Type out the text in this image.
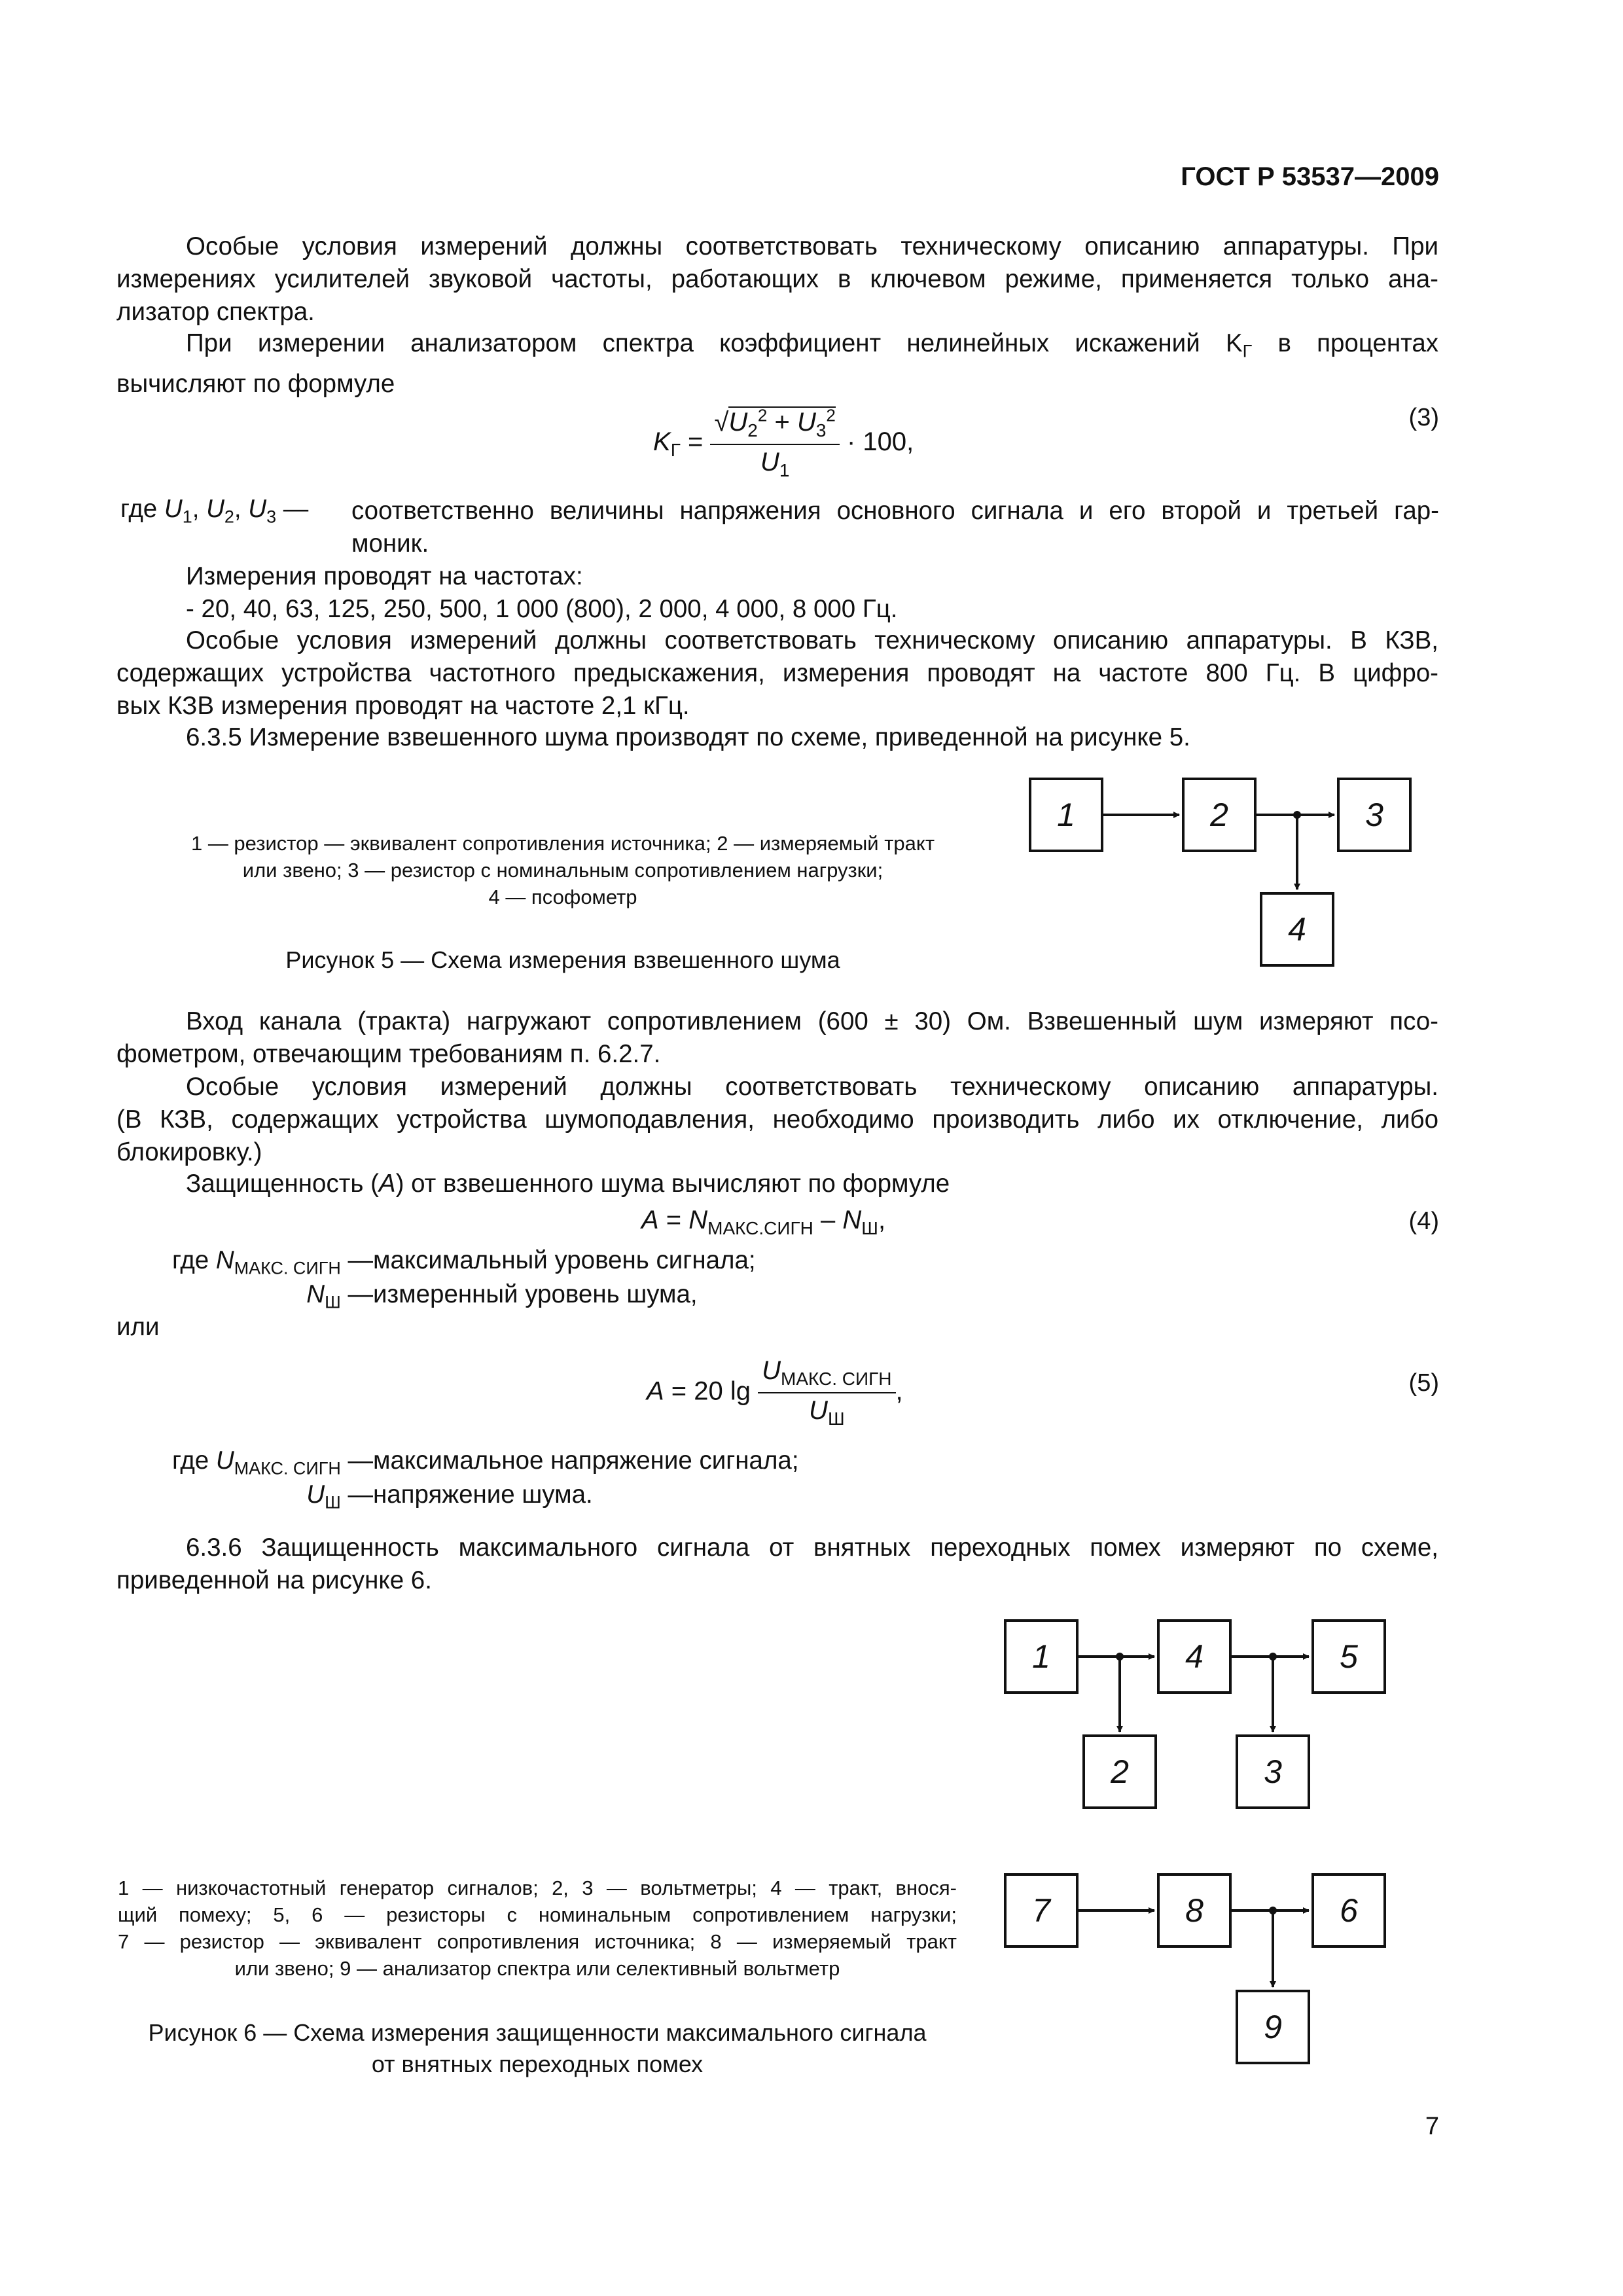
ГОСТ Р 53537—2009
Особые условия измерений должны соответствовать техническому описанию аппаратуры. При
измерениях усилителей звуковой частоты, работающих в ключевом режиме, применяется только ана-
лизатор спектра.
При измерении анализатором спектра коэффициент нелинейных искажений $K_Г$ в процентах
вычисляют по формуле
$K_Г = \frac{√U_2^2 + U_3^2}{U_1} \cdot 100$,
(3)
где $U_1$, $U_2$, $U_3$ — соответственно величины напряжения основного сигнала и его второй и третьей гар-
моник.
Измерения проводят на частотах:
- 20, 40, 63, 125, 250, 500, 1 000 (800), 2 000, 4 000, 8 000 Гц.
Особые условия измерений должны соответствовать техническому описанию аппаратуры. В КЗВ,
содержащих устройства частотного предыскажения, измерения проводят на частоте 800 Гц. В цифро-
вых КЗВ измерения проводят на частоте 2,1 кГц.
6.3.5 Измерение взвешенного шума производят по схеме, приведенной на рисунке 5.
1 — резистор — эквивалент сопротивления источника; 2 — измеряемый тракт
или звено; 3 — резистор с номинальным сопротивлением нагрузки;
4 — псофометр
Рисунок 5 — Схема измерения взвешенного шума
1	2	3
4
Вход канала (тракта) нагружают сопротивлением (600 ± 30) Ом. Взвешенный шум измеряют псо-
фометром, отвечающим требованиям п. 6.2.7.
Особые условия измерений должны соответствовать техническому описанию аппаратуры.
(В КЗВ, содержащих устройства шумоподавления, необходимо производить либо их отключение, либо
блокировку.)
Защищенность (A) от взвешенного шума вычисляют по формуле
$A = N_{МАКС.СИГН} - N_Ш$,	(4)
где $N_{МАКС. СИГН}$ — максимальный уровень сигнала;
$N_Ш$ — измеренный уровень шума,
или
A = 20 $\lg \frac{U_{МАКС. СИГН}}{U_Ш}$ ,	(5)
где $U_{МАКС. СИГН}$ — максимальное напряжение сигнала;
$U_Ш$ — напряжение шума.
6.3.6 Защищенность максимального сигнала от внятных переходных помех измеряют по схеме,
приведенной на рисунке 6.
1	4	5
2	3
7	8	6
9
1 — низкочастотный генератор сигналов; 2, 3 — вольтметры; 4 — тракт, внося-
щий помеху; 5, 6 — резисторы с номинальным сопротивлением нагрузки;
7 — резистор — эквивалент сопротивления источника; 8 — измеряемый тракт
или звено; 9 — анализатор спектра или селективный вольтметр
Рисунок 6 — Схема измерения защищенности максимального сигнала
от внятных переходных помех
7
